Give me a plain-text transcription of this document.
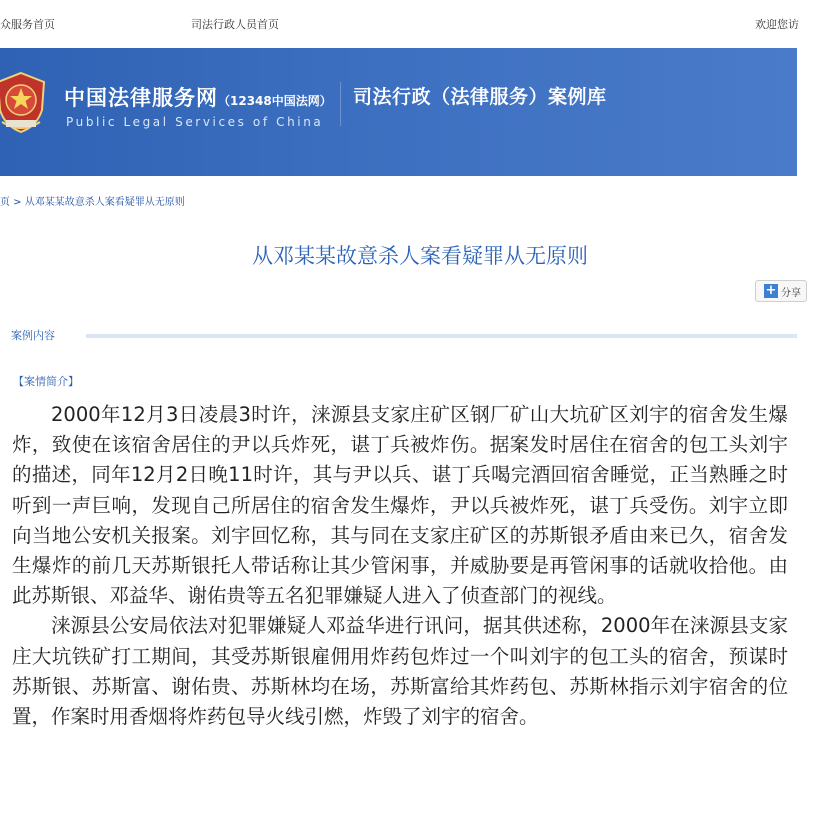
众服务首页	司法行政人员首页	欢迎您访
中国法律服务网（12348中国法网）
Public Legal Services of China
司法行政（法律服务）案例库
页 > 从邓某某故意杀人案看疑罪从无原则
从邓某某故意杀人案看疑罪从无原则
+ 分享
案例内容
【案情简介】

2000年12月3日凌晨3时许，涞源县支家庄矿区钢厂矿山大坑矿区刘宇的宿舍发生爆炸，致使在该宿舍居住的尹以兵炸死，谌丁兵被炸伤。据案发时居住在宿舍的包工头刘宇的描述，同年12月2日晚11时许，其与尹以兵、谌丁兵喝完酒回宿舍睡觉，正当熟睡之时听到一声巨响，发现自己所居住的宿舍发生爆炸，尹以兵被炸死，谌丁兵受伤。刘宇立即向当地公安机关报案。刘宇回忆称，其与同在支家庄矿区的苏斯银矛盾由来已久，宿舍发生爆炸的前几天苏斯银托人带话称让其少管闲事，并威胁要是再管闲事的话就收拾他。由此苏斯银、邓益华、谢佑贵等五名犯罪嫌疑人进入了侦查部门的视线。

涞源县公安局依法对犯罪嫌疑人邓益华进行讯问，据其供述称，2000年在涞源县支家庄大坑铁矿打工期间，其受苏斯银雇佣用炸药包炸过一个叫刘宇的包工头的宿舍，预谋时苏斯银、苏斯富、谢佑贵、苏斯林均在场，苏斯富给其炸药包、苏斯林指示刘宇宿舍的位置，作案时用香烟将炸药包导火线引燃，炸毁了刘宇的宿舍。
